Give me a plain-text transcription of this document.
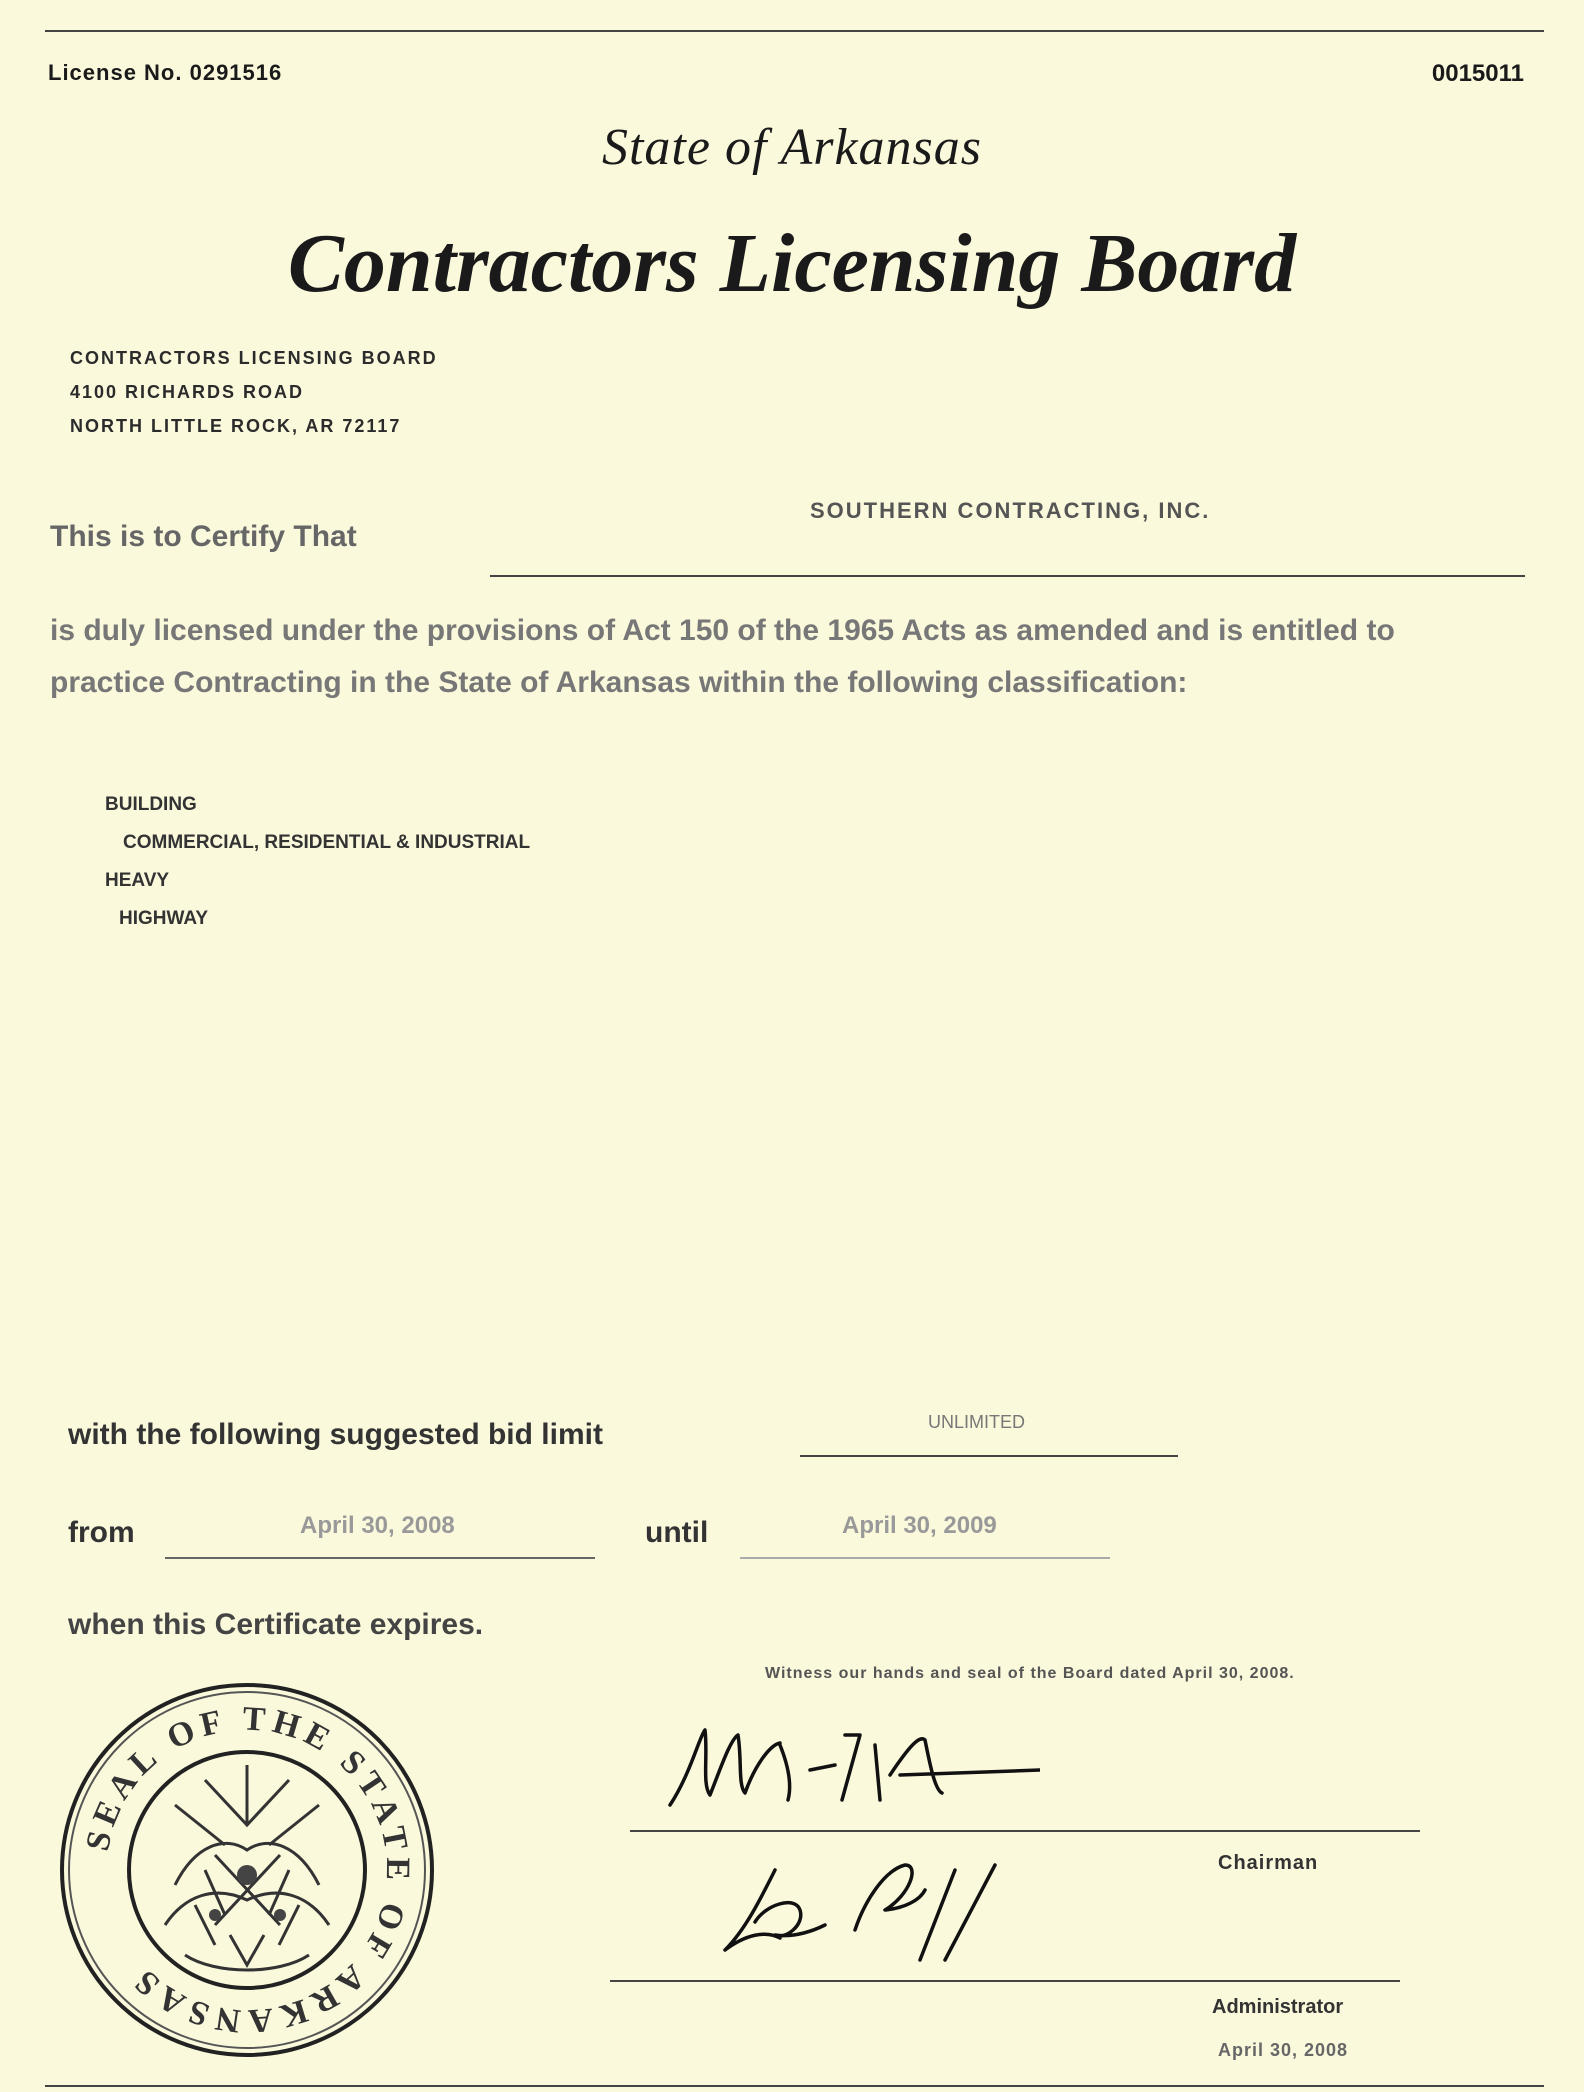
License No. 0291516	0015011
State of Arkansas
Contractors Licensing Board
CONTRACTORS LICENSING BOARD
4100 RICHARDS ROAD
NORTH LITTLE ROCK, AR 72117
This is to Certify That
SOUTHERN CONTRACTING, INC.
is duly licensed under the provisions of Act 150 of the 1965 Acts as amended and is entitled to practice Contracting in the State of Arkansas within the following classification:
BUILDING
COMMERCIAL, RESIDENTIAL & INDUSTRIAL
HEAVY
HIGHWAY
with the following suggested bid limit	UNLIMITED
from	April 30, 2008	until	April 30, 2009
when this Certificate expires.
Witness our hands and seal of the Board dated April 30, 2008.
Chairman
Administrator
April 30, 2008
SEAL OF THE STATE OF ARKANSAS
